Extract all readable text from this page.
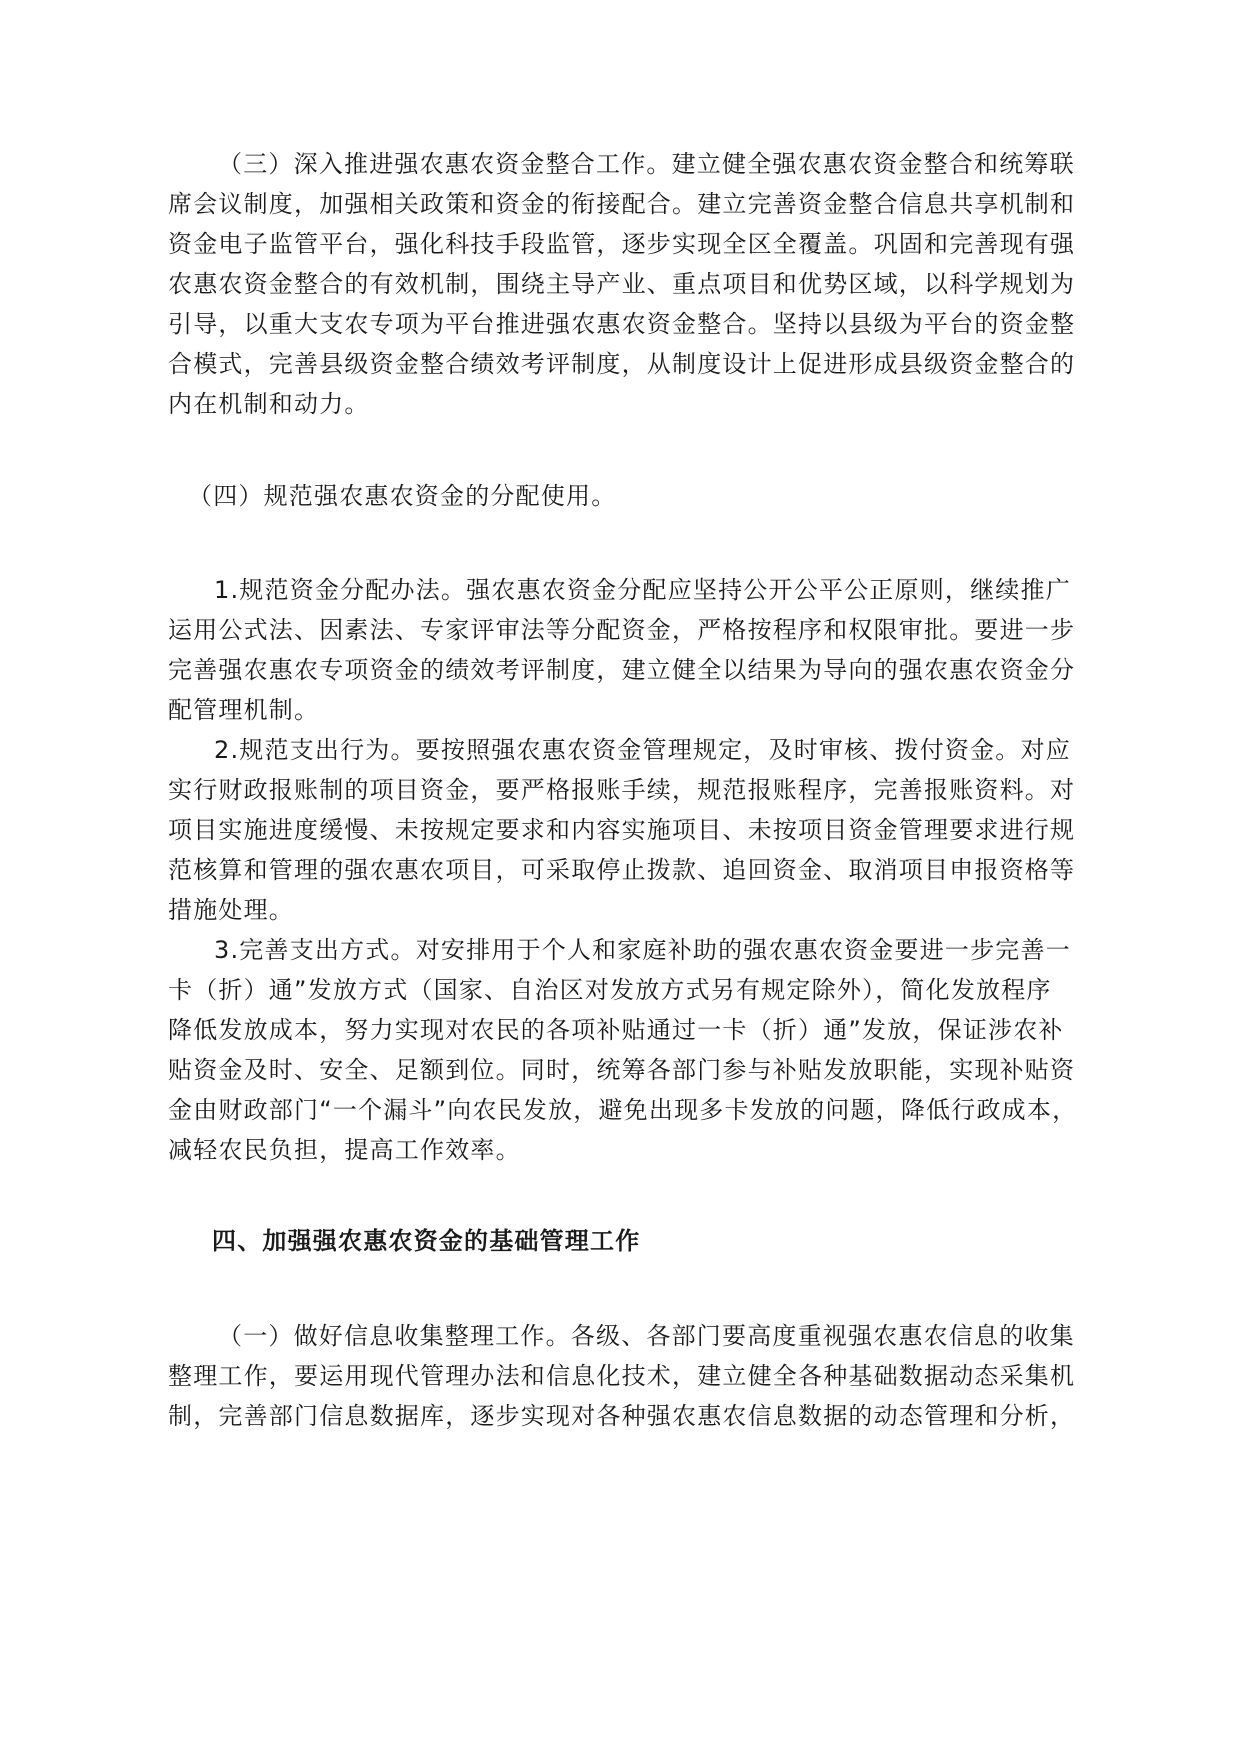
（三）深入推进强农惠农资金整合工作。建立健全强农惠农资金整合和统筹联
席会议制度，加强相关政策和资金的衔接配合。建立完善资金整合信息共享机制和
资金电子监管平台，强化科技手段监管，逐步实现全区全覆盖。巩固和完善现有强
农惠农资金整合的有效机制，围绕主导产业、重点项目和优势区域，以科学规划为
引导，以重大支农专项为平台推进强农惠农资金整合。坚持以县级为平台的资金整
合模式，完善县级资金整合绩效考评制度，从制度设计上促进形成县级资金整合的
内在机制和动力。
（四）规范强农惠农资金的分配使用。
1.规范资金分配办法。强农惠农资金分配应坚持公开公平公正原则，继续推广
运用公式法、因素法、专家评审法等分配资金，严格按程序和权限审批。要进一步
完善强农惠农专项资金的绩效考评制度，建立健全以结果为导向的强农惠农资金分
配管理机制。
2.规范支出行为。要按照强农惠农资金管理规定，及时审核、拨付资金。对应
实行财政报账制的项目资金，要严格报账手续，规范报账程序，完善报账资料。对
项目实施进度缓慢、未按规定要求和内容实施项目、未按项目资金管理要求进行规
范核算和管理的强农惠农项目，可采取停止拨款、追回资金、取消项目申报资格等
措施处理。
3.完善支出方式。对安排用于个人和家庭补助的强农惠农资金要进一步完善一
卡（折）通”发放方式（国家、自治区对发放方式另有规定除外），简化发放程序
降低发放成本，努力实现对农民的各项补贴通过一卡（折）通”发放，保证涉农补
贴资金及时、安全、足额到位。同时，统筹各部门参与补贴发放职能，实现补贴资
金由财政部门“一个漏斗”向农民发放，避免出现多卡发放的问题，降低行政成本，
减轻农民负担，提高工作效率。
四、加强强农惠农资金的基础管理工作
（一）做好信息收集整理工作。各级、各部门要高度重视强农惠农信息的收集
整理工作，要运用现代管理办法和信息化技术，建立健全各种基础数据动态采集机
制，完善部门信息数据库，逐步实现对各种强农惠农信息数据的动态管理和分析，
